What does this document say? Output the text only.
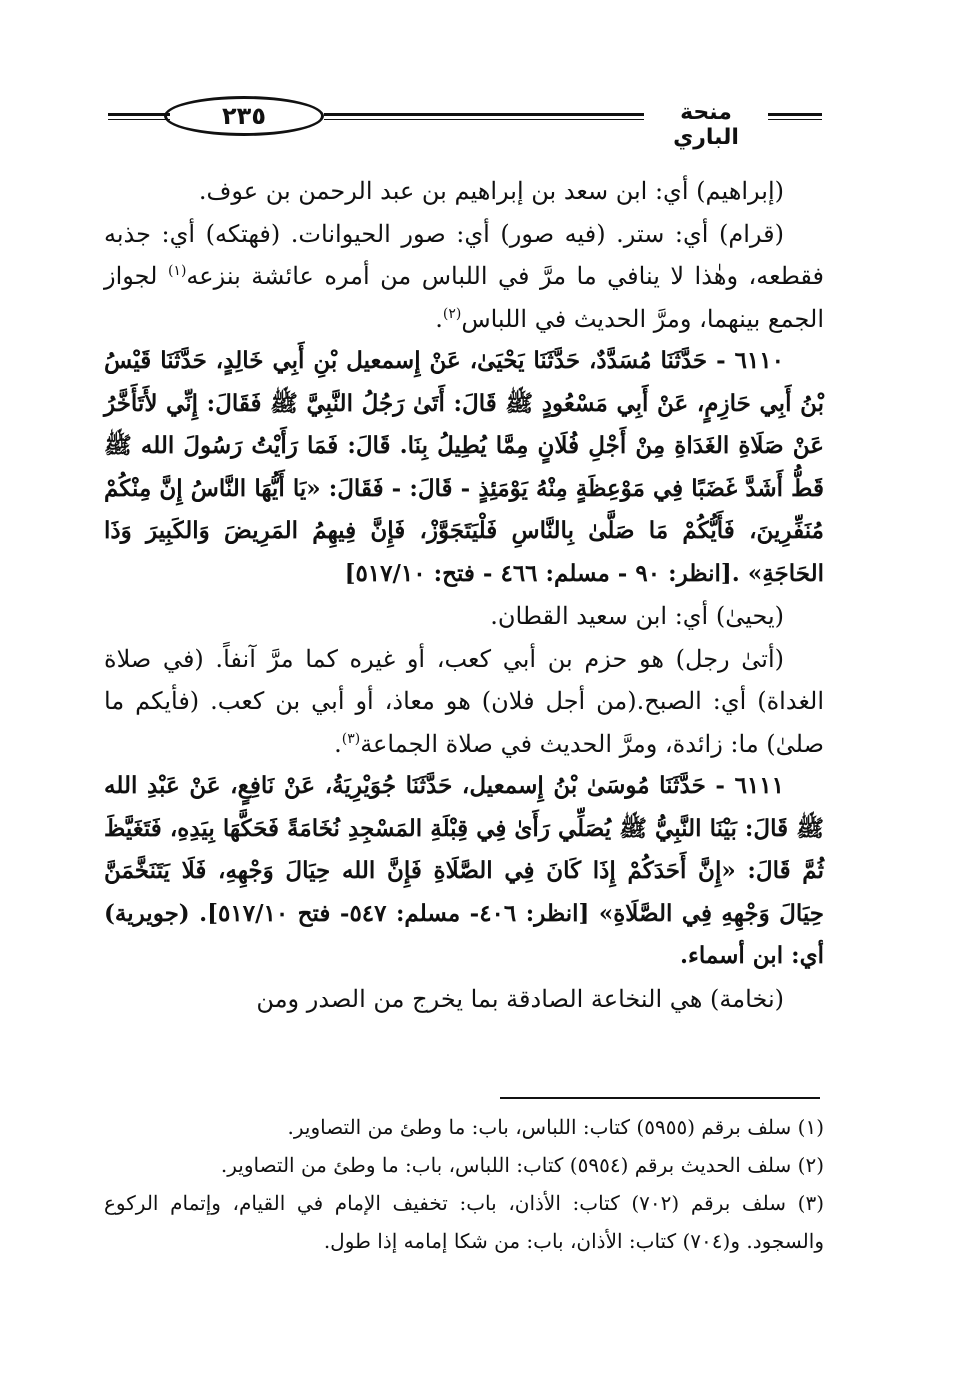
٢٣٥	منحة الباري

(إبراهيم) أي: ابن سعد بن إبراهيم بن عبد الرحمن بن عوف.

(قرام) أي: ستر. (فيه صور) أي: صور الحيوانات. (فهتكه) أي: جذبه فقطعه، وهٰذا لا ينافي ما مرَّ في اللباس من أمره عائشة بنزعه$^{(١)}$ لجواز الجمع بينهما، ومرَّ الحديث في اللباس$^{(٢)}$.

٦١١٠ - حَدَّثَنَا مُسَدَّدٌ، حَدَّثَنَا يَحْيَىٰ، عَنْ إِسمعيل بْنِ أَبِي خَالِدٍ، حَدَّثَنَا قَيْسُ بْنُ أَبِي حَازِمٍ، عَنْ أَبِي مَسْعُودٍ ﷺ قَالَ: أَتَىٰ رَجُلُ النَّبِيَّ ﷺ فَقَالَ: إِنِّي لأَتَأَخَّرُ عَنْ صَلَاةِ الغَدَاةِ مِنْ أَجْلِ فُلَانٍ مِمَّا يُطِيلُ بِنَا. قَالَ: فَمَا رَأَيْتُ رَسُولَ الله ﷺ قَطُّ أَشَدَّ غَضَبًا فِي مَوْعِظَةٍ مِنْهُ يَوْمَئِذٍ - قَالَ: - فَقَالَ: «يَا أَيُّهَا النَّاسُ إِنَّ مِنْكُمْ مُنَفِّرِينَ، فَأَيُّكُمْ مَا صَلَّىٰ بِالنَّاسِ فَلْيَتَجَوَّزْ، فَإِنَّ فِيهِمُ المَرِيضَ وَالكَبِيرَ وَذَا الحَاجَةِ» .[انظر: ٩٠ - مسلم: ٤٦٦ - فتح: ٥١٧/١٠]

(يحيىٰ) أي: ابن سعيد القطان.

(أتىٰ رجل) هو حزم بن أبي كعب، أو غيره كما مرَّ آنفاً. (في صلاة الغداة) أي: الصبح.(من أجل فلان) هو معاذ، أو أبي بن كعب. (فأيكم ما صلىٰ) ما: زائدة، ومرَّ الحديث في صلاة الجماعة$^{(٣)}$.

٦١١١ - حَدَّثَنَا مُوسَىٰ بْنُ إِسمعيل، حَدَّثَنَا جُوَيْرِيَةُ، عَنْ نَافِعٍ، عَنْ عَبْدِ الله ﷺ قَالَ: بَيْنَا النَّبِيُّ ﷺ يُصَلِّي رَأَىٰ فِي قِبْلَةِ المَسْجِدِ نُخَامَةً فَحَكَّهَا بِيَدِهِ، فَتَغَيَّظَ ثُمَّ قَالَ: «إِنَّ أَحَدَكُمْ إِذَا كَانَ فِي الصَّلَاةِ فَإِنَّ الله حِيَالَ وَجْهِهِ، فَلَا يَتَنَخَّمَنَّ حِيَالَ وَجْهِهِ فِي الصَّلَاةِ» [انظر: ٤٠٦- مسلم: ٥٤٧- فتح ٥١٧/١٠]. (جويرية) أي: ابن أسماء.

(نخامة) هي النخاعة الصادقة بما يخرج من الصدر ومن

(١) سلف برقم (٥٩٥٥) كتاب: اللباس، باب: ما وطئ من التصاوير.

(٢) سلف الحديث برقم (٥٩٥٤) كتاب: اللباس، باب: ما وطئ من التصاوير.

(٣) سلف برقم (٧٠٢) كتاب: الأذان، باب: تخفيف الإمام في القيام، وإتمام الركوع والسجود. و(٧٠٤) كتاب: الأذان، باب: من شكا إمامه إذا طول.
